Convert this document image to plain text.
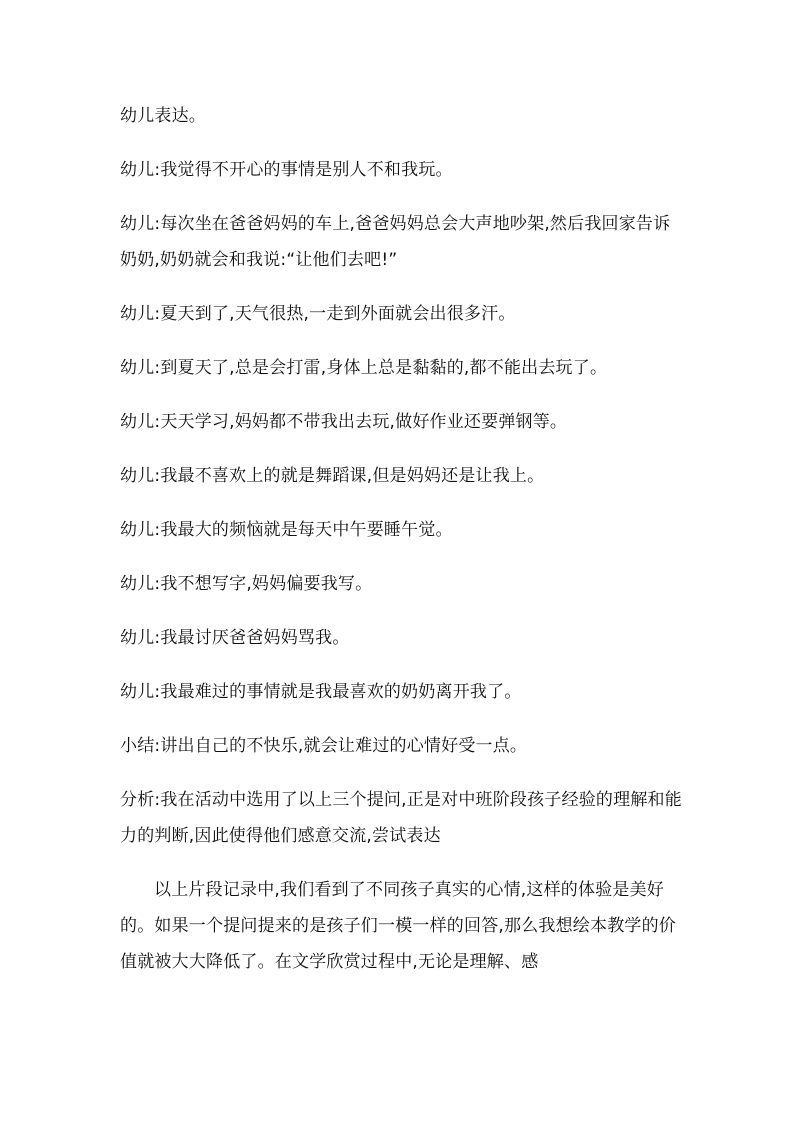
幼儿表达。

幼儿:我觉得不开心的事情是别人不和我玩。

幼儿:每次坐在爸爸妈妈的车上,爸爸妈妈总会大声地吵架,然后我回家告诉奶奶,奶奶就会和我说:“让他们去吧!”

幼儿:夏天到了,天气很热,一走到外面就会出很多汗。

幼儿:到夏天了,总是会打雷,身体上总是黏黏的,都不能出去玩了。

幼儿:天天学习,妈妈都不带我出去玩,做好作业还要弹钢等。

幼儿:我最不喜欢上的就是舞蹈课,但是妈妈还是让我上。

幼儿:我最大的频恼就是每天中午要睡午觉。

幼儿:我不想写字,妈妈偏要我写。

幼儿:我最讨厌爸爸妈妈骂我。

幼儿:我最难过的事情就是我最喜欢的奶奶离开我了。

小结:讲出自己的不快乐,就会让难过的心情好受一点。

分析:我在活动中选用了以上三个提问,正是对中班阶段孩子经验的理解和能力的判断,因此使得他们感意交流,尝试表达

以上片段记录中,我们看到了不同孩子真实的心情,这样的体验是美好的。如果一个提问提来的是孩子们一模一样的回答,那么我想绘本教学的价值就被大大降低了。在文学欣赏过程中,无论是理解、感
